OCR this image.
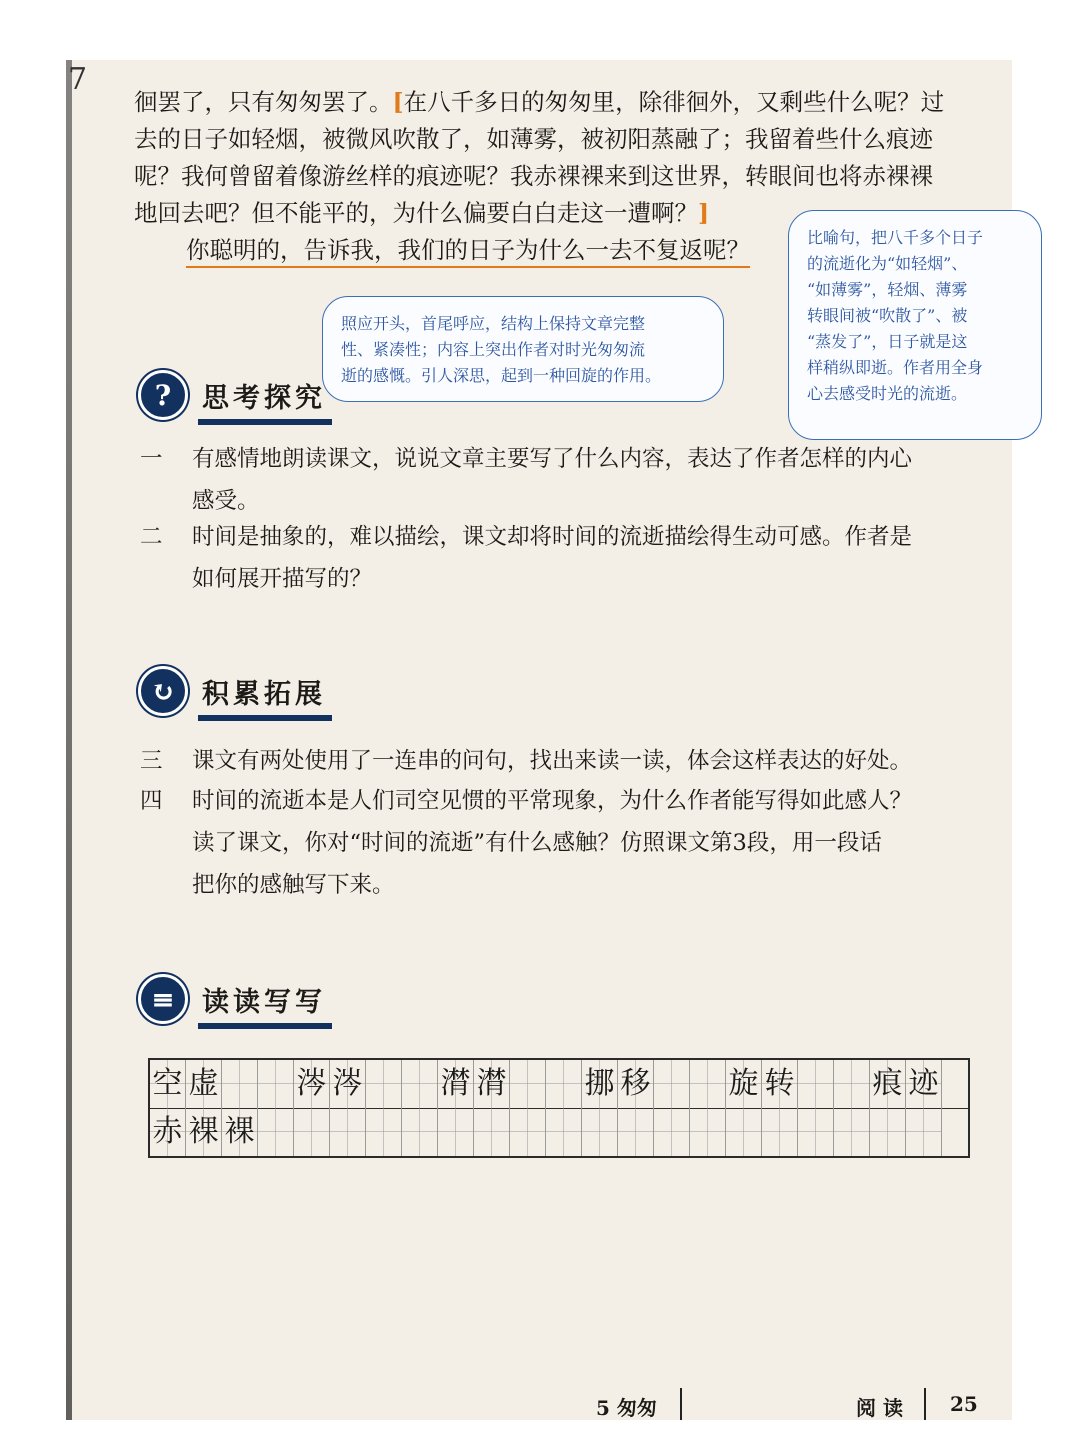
7
徊罢了，只有匆匆罢了。[在八千多日的匆匆里，除徘徊外，又剩些什么呢？过
去的日子如轻烟，被微风吹散了，如薄雾，被初阳蒸融了；我留着些什么痕迹
呢？我何曾留着像游丝样的痕迹呢？我赤裸裸来到这世界，转眼间也将赤裸裸
地回去吧？但不能平的，为什么偏要白白走这一遭啊？]
你聪明的，告诉我，我们的日子为什么一去不复返呢？	比喻句，把八千多个日子
的流逝化为“如轻烟”、
“如薄雾”，轻烟、薄雾
转眼间被“吹散了”、被
“蒸发了”，日子就是这
样稍纵即逝。作者用全身
心去感受时光的流逝。
照应开头，首尾呼应，结构上保持文章完整
性、紧凑性；内容上突出作者对时光匆匆流
逝的感慨。引人深思，起到一种回旋的作用。
?	思考探究
一	有感情地朗读课文，说说文章主要写了什么内容，表达了作者怎样的内心
感受。
二	时间是抽象的，难以描绘，课文却将时间的流逝描绘得生动可感。作者是
如何展开描写的？
↻	积累拓展
三	课文有两处使用了一连串的问句，找出来读一读，体会这样表达的好处。
四	时间的流逝本是人们司空见惯的平常现象，为什么作者能写得如此感人？
读了课文，你对“时间的流逝”有什么感触？仿照课文第3段，用一段话
把你的感触写下来。
≡	读读写写
空 虚	涔 涔	潸 潸	挪 移	旋 转	痕 迹
赤 裸 裸
5 匆匆	阅 读 25
